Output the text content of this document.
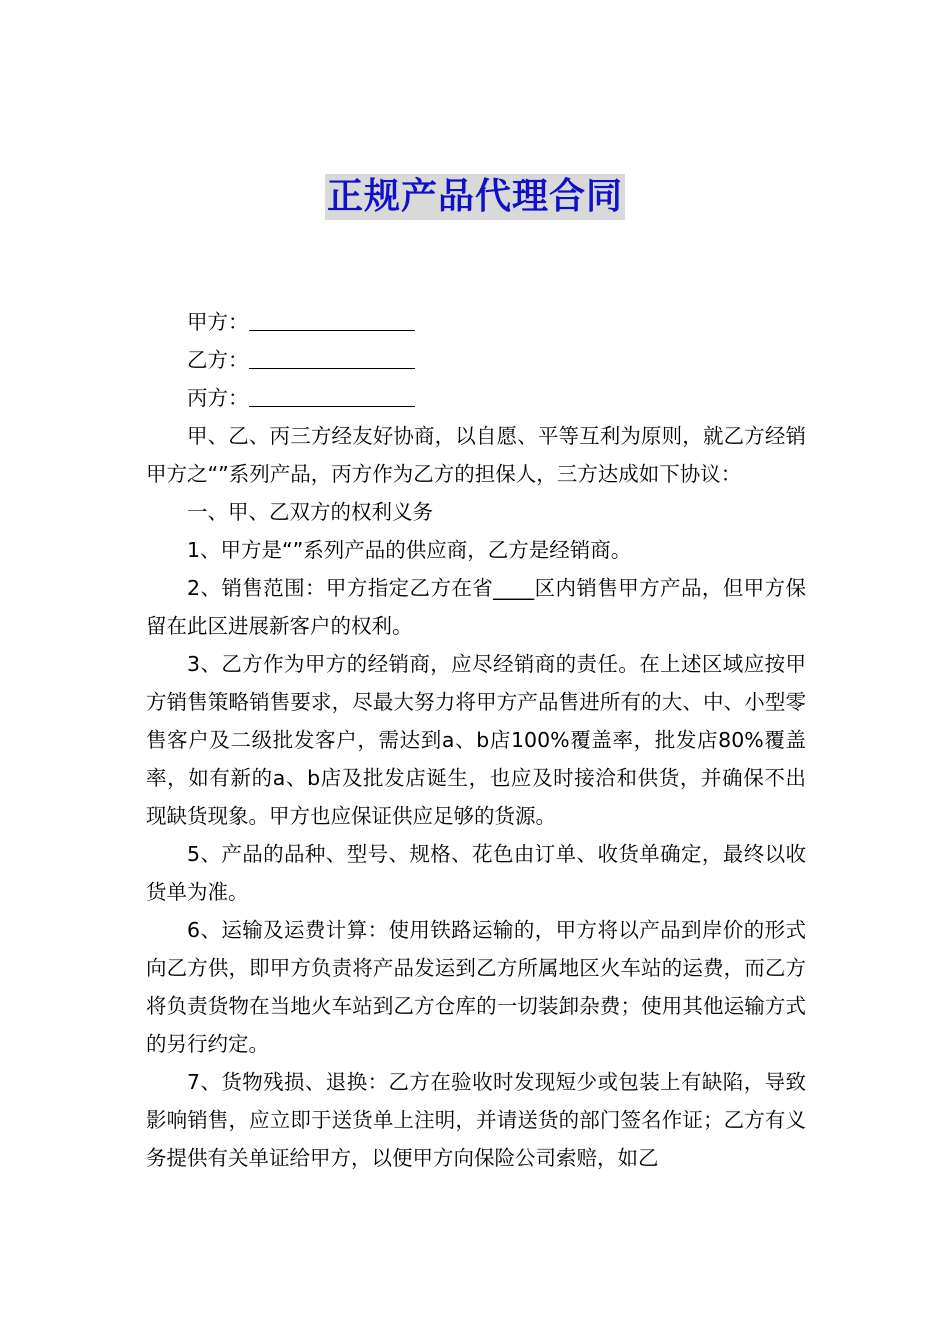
正规产品代理合同

甲方：

乙方：

丙方：

甲、乙、丙三方经友好协商，以自愿、平等互利为原则，就乙方经销甲方之“”系列产品，丙方作为乙方的担保人，三方达成如下协议：

一、甲、乙双方的权利义务

1、甲方是“”系列产品的供应商，乙方是经销商。

2、销售范围：甲方指定乙方在省____区内销售甲方产品，但甲方保留在此区进展新客户的权利。

3、乙方作为甲方的经销商，应尽经销商的责任。在上述区域应按甲方销售策略销售要求，尽最大努力将甲方产品售进所有的大、中、小型零售客户及二级批发客户，需达到a、b店100%覆盖率，批发店80%覆盖率，如有新的a、b店及批发店诞生，也应及时接洽和供货，并确保不出现缺货现象。甲方也应保证供应足够的货源。

5、产品的品种、型号、规格、花色由订单、收货单确定，最终以收货单为准。

6、运输及运费计算：使用铁路运输的，甲方将以产品到岸价的形式向乙方供，即甲方负责将产品发运到乙方所属地区火车站的运费，而乙方将负责货物在当地火车站到乙方仓库的一切装卸杂费；使用其他运输方式的另行约定。

7、货物残损、退换：乙方在验收时发现短少或包装上有缺陷，导致影响销售，应立即于送货单上注明，并请送货的部门签名作证；乙方有义务提供有关单证给甲方，以便甲方向保险公司索赔，如乙
